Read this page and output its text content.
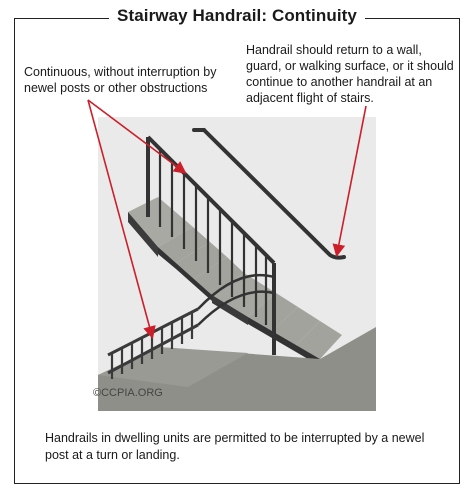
Stairway Handrail: Continuity
Handrail should return to a wall, guard, or walking surface, or it should continue to another handrail at an adjacent flight of stairs.
Continuous, without interruption by newel posts or other obstructions
©CCPIA.ORG
Handrails in dwelling units are permitted to be interrupted by a newel post at a turn or landing.
